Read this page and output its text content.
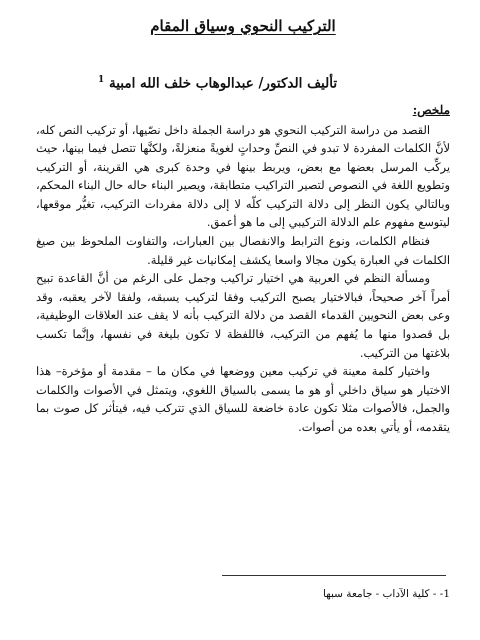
التركيب النحوي وسياق المقام
تأليف الدكتور/ عبدالوهاب خلف الله امبية $^1$
ملخص:

القصد من دراسة التركيب النحوي هو دراسة الجملة داخل نصّيها، أو تركيب النص كله، لأنَّ الكلمات المفردة لا تبدو في النصِّ وحداتٍ لغويةً منعزلةً، ولكنَّها تتصل فيما بينها، حيث يركِّب المرسل بعضها مع بعض، ويربط بينها في وحدة كبرى هي القرينة، أو التركيب وتطويع اللغة في النصوص لتصير التراكيب متطابقة، ويصير البناء حاله حال البناء المحكم، وبالتالي يكون النظر إلى دلالة التركيب كلّه لا إلى دلالة مفردات التركيب، تغيُّر موقعها، ليتوسع مفهوم علم الدلالة التركيبي إلى ما هو أعمق.

فنظام الكلمات، ونوع الترابط والانفصال بين العبارات، والتفاوت الملحوظ بين صيغ الكلمات في العبارة يكون مجالا واسعا يكشف إمكانيات غير قليلة.

ومسألة النظم في العربية هي اختيار تراكيب وجمل على الرغم من أنَّ القاعدة تبيح أمراً آخر صحيحاً، فبالاختيار يصبح التركيب وفقا لتركيب يسبقه، ولفقا لآخر يعقبه، وقد وعى بعض النحويين القدماء القصد من دلالة التركيب بأنه لا يقف عند العلاقات الوظيفية، بل قصدوا منها ما يُفهم من التركيب، فاللفظة لا تكون بليغة في نفسها، وإنَّما تكسب بلاغتها من التركيب.

واختيار كلمة معينة في تركيب معين ووضعها في مكان ما – مقدمة أو مؤخرة– هذا الاختيار هو سياق داخلي أو هو ما يسمى بالسياق اللغوي، ويتمثل في الأصوات والكلمات والجمل، فالأصوات مثلا تكون عادة خاضعة للسياق الذي تتركب فيه، فيتأثر كل صوت بما يتقدمه، أو يأتي بعده من أصوات.

1- - كلية الآداب - جامعة سبها
